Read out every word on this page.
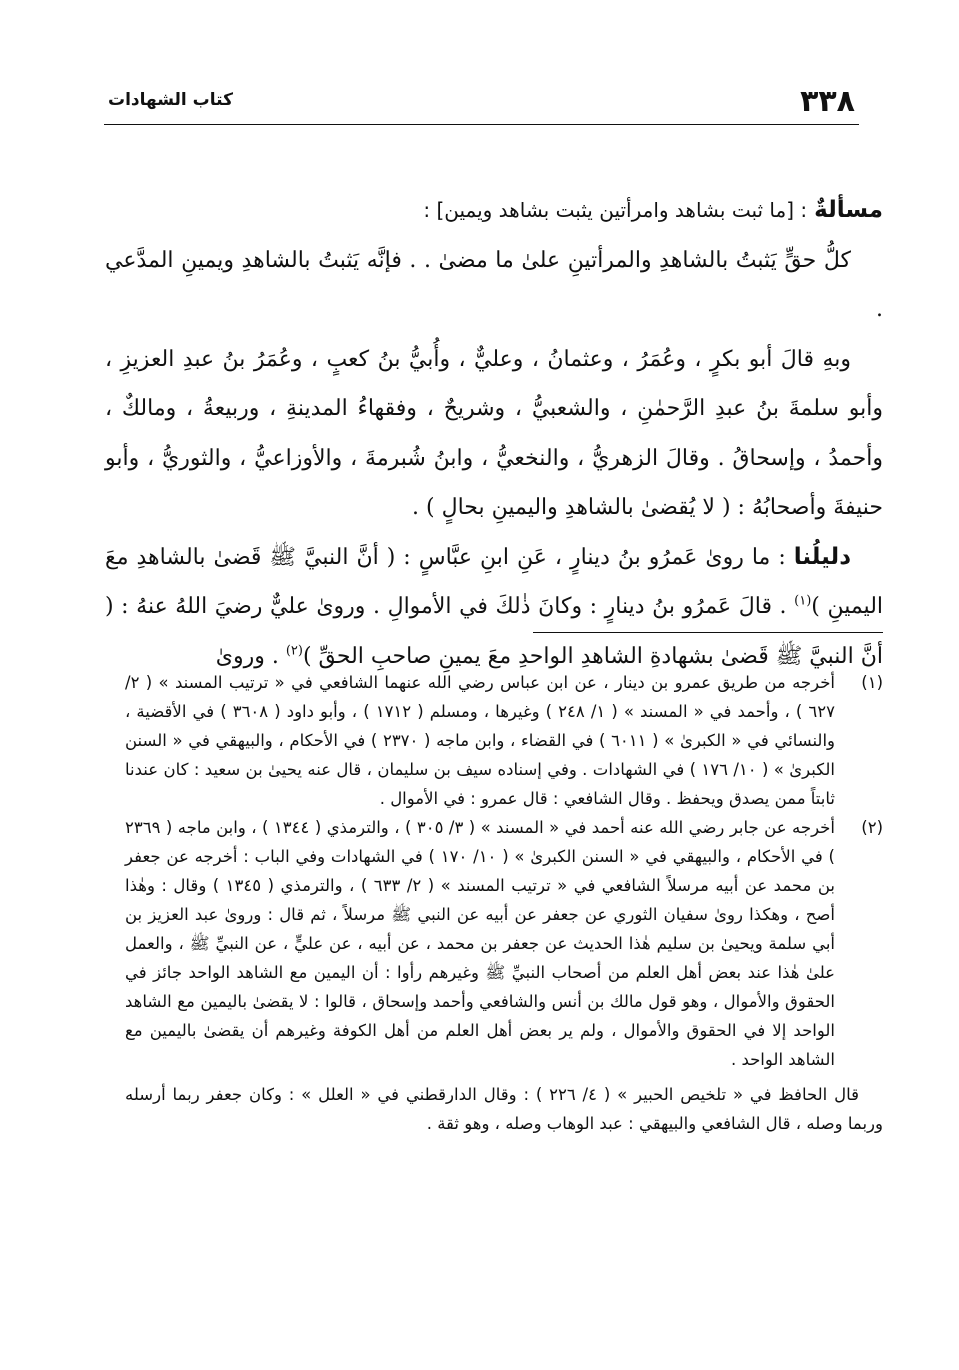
٣٣٨
كتاب الشهادات

مسألةٌ : [ما ثبت بشاهد وامرأتين يثبت بشاهد ويمين] :

كلُّ حقٍّ يَثبتُ بالشاهدِ والمرأتينِ علىٰ ما مضىٰ . . فإنَّه يَثبتُ بالشاهدِ ويمينِ المدَّعي .

وبهِ قالَ أبو بكرٍ ، وعُمَرُ ، وعثمانُ ، وعليٌّ ، وأُبيُّ بنُ كعبٍ ، وعُمَرُ بنُ عبدِ العزيزِ ، وأبو سلمةَ بنُ عبدِ الرَّحمٰنِ ، والشعبيُّ ، وشريحٌ ، وفقهاءُ المدينةِ ، وربيعةُ ، ومالكٌ ، وأحمدُ ، وإسحاقُ . وقالَ الزهريُّ ، والنخعيُّ ، وابنُ شُبرمةَ ، والأوزاعيُّ ، والثوريُّ ، وأبو حنيفةَ وأصحابُهُ : ( لا يُقضىٰ بالشاهدِ واليمينِ بحالٍ ) .

دليلُنا : ما روىٰ عَمرُو بنُ دينارٍ ، عَنِ ابنِ عبَّاسٍ : ( أنَّ النبيَّ ﷺ قَضىٰ بالشاهدِ معَ اليمينِ )$^{(١)}$ . قالَ عَمرُو بنُ دينارٍ : وكانَ ذٰلكَ في الأموالِ . وروىٰ عليٌّ رضيَ اللهُ عنهُ : ( أنَّ النبيَّ ﷺ قَضىٰ بشهادةِ الشاهدِ الواحدِ معَ يمينِ صاحبِ الحقِّ )$^{(٢)}$ . وروىٰ

(١)

أخرجه من طريق عمرو بن دينار ، عن ابن عباس رضي الله عنهما الشافعي في « ترتيب المسند » ( ٢/ ٦٢٧ ) ، وأحمد في « المسند » ( ١/ ٢٤٨ ) وغيرها ، ومسلم ( ١٧١٢ ) ، وأبو داود ( ٣٦٠٨ ) في الأقضية ، والنسائي في « الكبرىٰ » ( ٦٠١١ ) في القضاء ، وابن ماجه ( ٢٣٧٠ ) في الأحكام ، والبيهقي في « السنن الكبرىٰ » ( ١٠/ ١٧٦ ) في الشهادات . وفي إسناده سيف بن سليمان ، قال عنه يحيىٰ بن سعيد : كان عندنا ثابتاً ممن يصدق ويحفظ . وقال الشافعي : قال عمرو : في الأموال .

(٢)

أخرجه عن جابر رضي الله عنه أحمد في « المسند » ( ٣/ ٣٠٥ ) ، والترمذي ( ١٣٤٤ ) ، وابن ماجه ( ٢٣٦٩ ) في الأحكام ، والبيهقي في « السنن الكبرىٰ » ( ١٠/ ١٧٠ ) في الشهادات وفي الباب : أخرجه عن جعفر بن محمد عن أبيه مرسلاً الشافعي في « ترتيب المسند » ( ٢/ ٦٣٣ ) ، والترمذي ( ١٣٤٥ ) وقال : وهٰذا أصح ، وهكذا روىٰ سفيان الثوري عن جعفر عن أبيه عن النبي ﷺ مرسلاً ، ثم قال : وروىٰ عبد العزيز بن أبي سلمة ويحيىٰ بن سليم هٰذا الحديث عن جعفر بن محمد ، عن أبيه ، عن عليٍّ ، عن النبيِّ ﷺ ، والعمل علىٰ هٰذا عند بعض أهل العلم من أصحاب النبيِّ ﷺ وغيرهم رأوا : أن اليمين مع الشاهد الواحد جائز في الحقوق والأموال ، وهو قول مالك بن أنس والشافعي وأحمد وإسحاق ، قالوا : لا يقضىٰ باليمين مع الشاهد الواحد إلا في الحقوق والأموال ، ولم ير بعض أهل العلم من أهل الكوفة وغيرهم أن يقضىٰ باليمين مع الشاهد الواحد .

قال الحافظ في « تلخيص الحبير » ( ٤/ ٢٢٦ ) : وقال الدارقطني في « العلل » : وكان جعفر ربما أرسله وربما وصله ، قال الشافعي والبيهقي : عبد الوهاب وصله ، وهو ثقة .
